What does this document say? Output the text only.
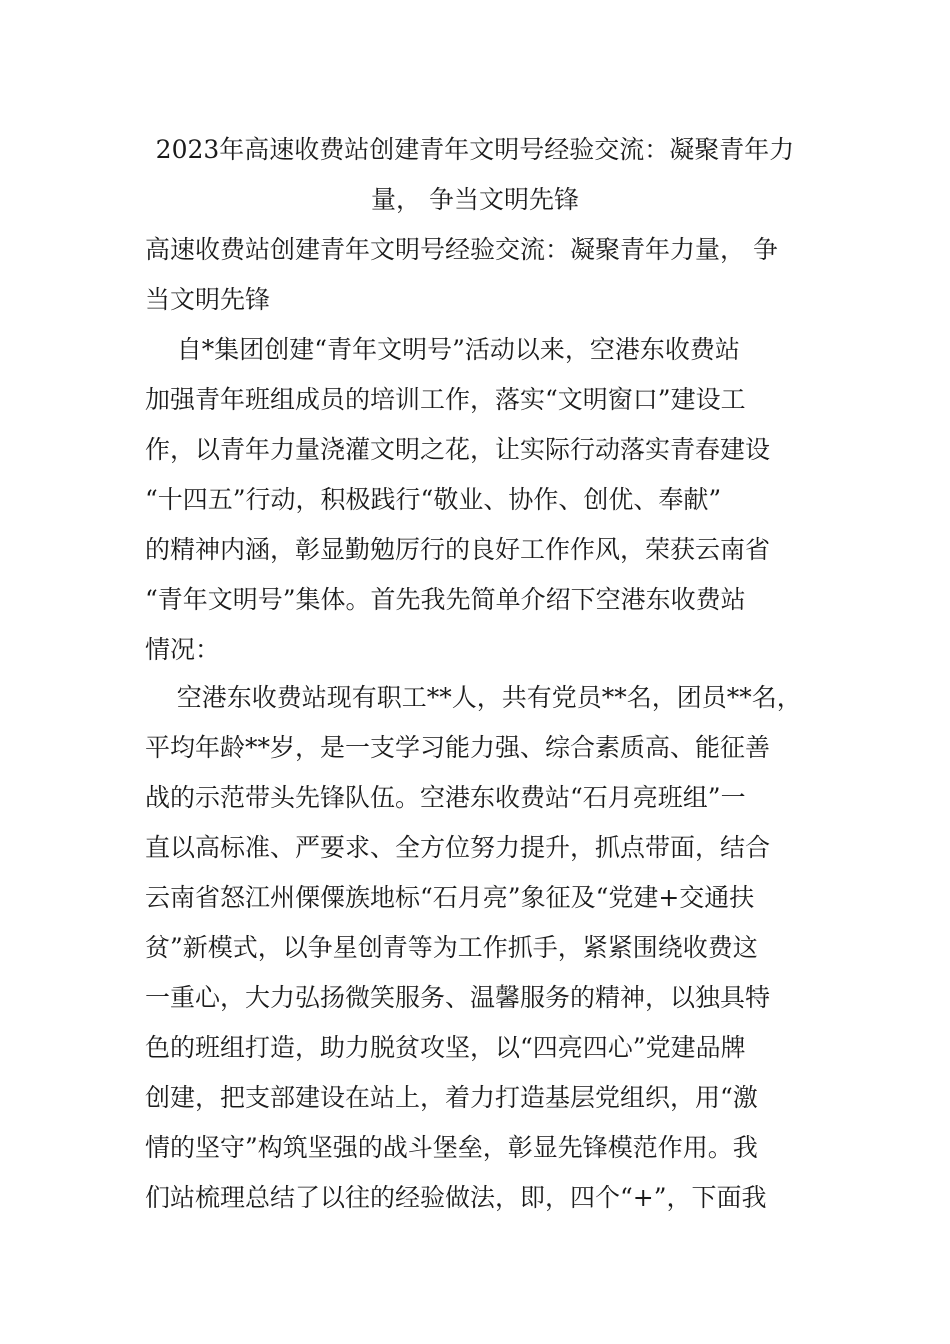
2023年高速收费站创建青年文明号经验交流：凝聚青年力
量， 争当文明先锋

高速收费站创建青年文明号经验交流：凝聚青年力量， 争
当文明先锋

自*集团创建“青年文明号”活动以来，空港东收费站
加强青年班组成员的培训工作，落实“文明窗口”建设工
作，以青年力量浇灌文明之花，让实际行动落实青春建设
“十四五”行动，积极践行“敬业、协作、创优、奉献”
的精神内涵，彰显勤勉厉行的良好工作作风，荣获云南省
“青年文明号”集体。首先我先简单介绍下空港东收费站
情况：

空港东收费站现有职工**人，共有党员**名，团员**名，
平均年龄**岁，是一支学习能力强、综合素质高、能征善
战的示范带头先锋队伍。空港东收费站“石月亮班组”一
直以高标准、严要求、全方位努力提升，抓点带面，结合
云南省怒江州傈僳族地标“石月亮”象征及“党建+交通扶
贫”新模式，以争星创青等为工作抓手，紧紧围绕收费这
一重心，大力弘扬微笑服务、温馨服务的精神，以独具特
色的班组打造，助力脱贫攻坚，以“四亮四心”党建品牌
创建，把支部建设在站上，着力打造基层党组织，用“激
情的坚守”构筑坚强的战斗堡垒，彰显先锋模范作用。我
们站梳理总结了以往的经验做法，即，四个“+”，下面我
